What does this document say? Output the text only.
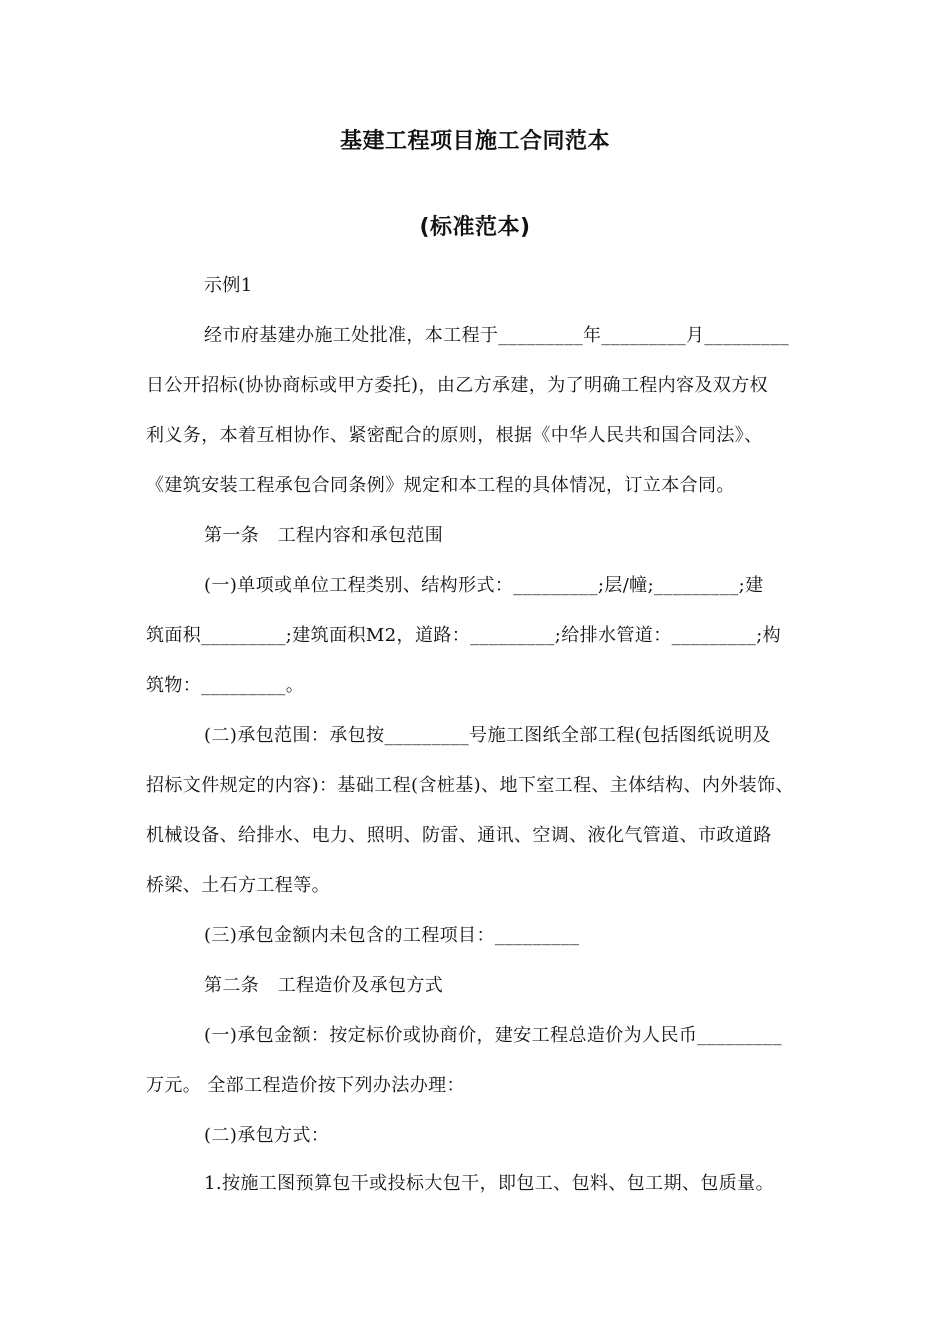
基建工程项目施工合同范本
(标准范本)
示例1
经市府基建办施工处批准，本工程于_________年_________月_________
日公开招标(协协商标或甲方委托)，由乙方承建，为了明确工程内容及双方权
利义务，本着互相协作、紧密配合的原则，根据《中华人民共和国合同法》、
《建筑安装工程承包合同条例》规定和本工程的具体情况，订立本合同。
第一条   工程内容和承包范围
(一)单项或单位工程类别、结构形式：_________;层/幢;_________;建
筑面积_________;建筑面积M2，道路：_________;给排水管道：_________;构
筑物：_________。
(二)承包范围：承包按_________号施工图纸全部工程(包括图纸说明及
招标文件规定的内容)：基础工程(含桩基)、地下室工程、主体结构、内外装饰、
机械设备、给排水、电力、照明、防雷、通讯、空调、液化气管道、市政道路
桥梁、土石方工程等。
(三)承包金额内未包含的工程项目：_________
第二条   工程造价及承包方式
(一)承包金额：按定标价或协商价，建安工程总造价为人民币_________
万元。 全部工程造价按下列办法办理：
(二)承包方式：
1.按施工图预算包干或投标大包干，即包工、包料、包工期、包质量。
